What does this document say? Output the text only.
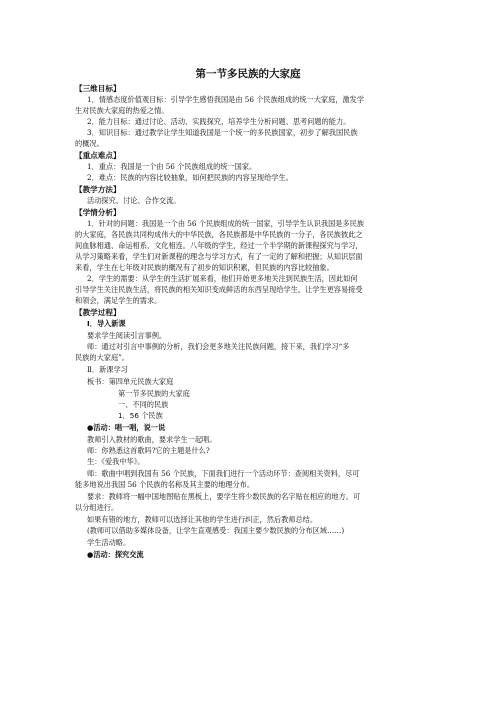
第一节多民族的大家庭
【三维目标】
1．情感态度价值观目标：引导学生感悟我国是由 56 个民族组成的统一大家庭，激发学
生对民族大家庭的热爱之情。
2．能力目标：通过讨论、活动、实践探究，培养学生分析问题、思考问题的能力。
3．知识目标：通过教学让学生知道我国是一个统一的多民族国家，初步了解我国民族
的概况。
【重点难点】
1．重点：我国是一个由 56 个民族组成的统一国家。
2．难点：民族的内容比较抽象，如何把民族的内容呈现给学生。
【教学方法】
活动探究、讨论、合作交流。
【学情分析】
1．针对的问题：我国是一个由 56 个民族组成的统一国家，引导学生认识我国是多民族
的大家庭，各民族共同构成伟大的中华民族，各民族都是中华民族的一分子，各民族彼此之
间血脉相通、命运相系、文化相连。八年级的学生，经过一个半学期的新课程探究与学习，
从学习策略来看，学生们对新课程的理念与学习方式，有了一定的了解和把握；从知识层面
来看，学生在七年级对民族的概况有了初步的知识积累，但民族的内容比较抽象。
2．学生的需要：从学生的生活扩展来看，他们开始更多地关注到民族生活，因此如何
引导学生关注民族生活，将民族的相关知识变成鲜活的东西呈现给学生，让学生更容易接受
和领会，满足学生的需求。
【教学过程】
Ⅰ．导入新课
要求学生阅读引言事例。
师：通过对引言中事例的分析，我们会更多地关注民族问题，接下来，我们学习“多
民族的大家庭”。
Ⅱ．新课学习
板书：第四单元民族大家庭
第一节多民族的大家庭
一、不同的民族
1．56 个民族
●活动：唱一唱，说一说
教师引入教材的歌曲，要求学生一起唱。
师：你熟悉这首歌吗?它的主题是什么?
生：《爱我中华》。
师：歌曲中唱到我国有 56 个民族，下面我们进行一个活动环节：查阅相关资料，尽可
能多地说出我国 56 个民族的名称及其主要的地理分布。
要求：教师将一幅中国地图贴在黑板上，要学生将少数民族的名字贴在相应的地方。可
以分组进行。
如果有错的地方，教师可以选择让其他的学生进行纠正，然后教师总结。
(教师可以借助多媒体设备，让学生直观感受：我国主要少数民族的分布区域……)
学生活动略。
●活动：探究交流
